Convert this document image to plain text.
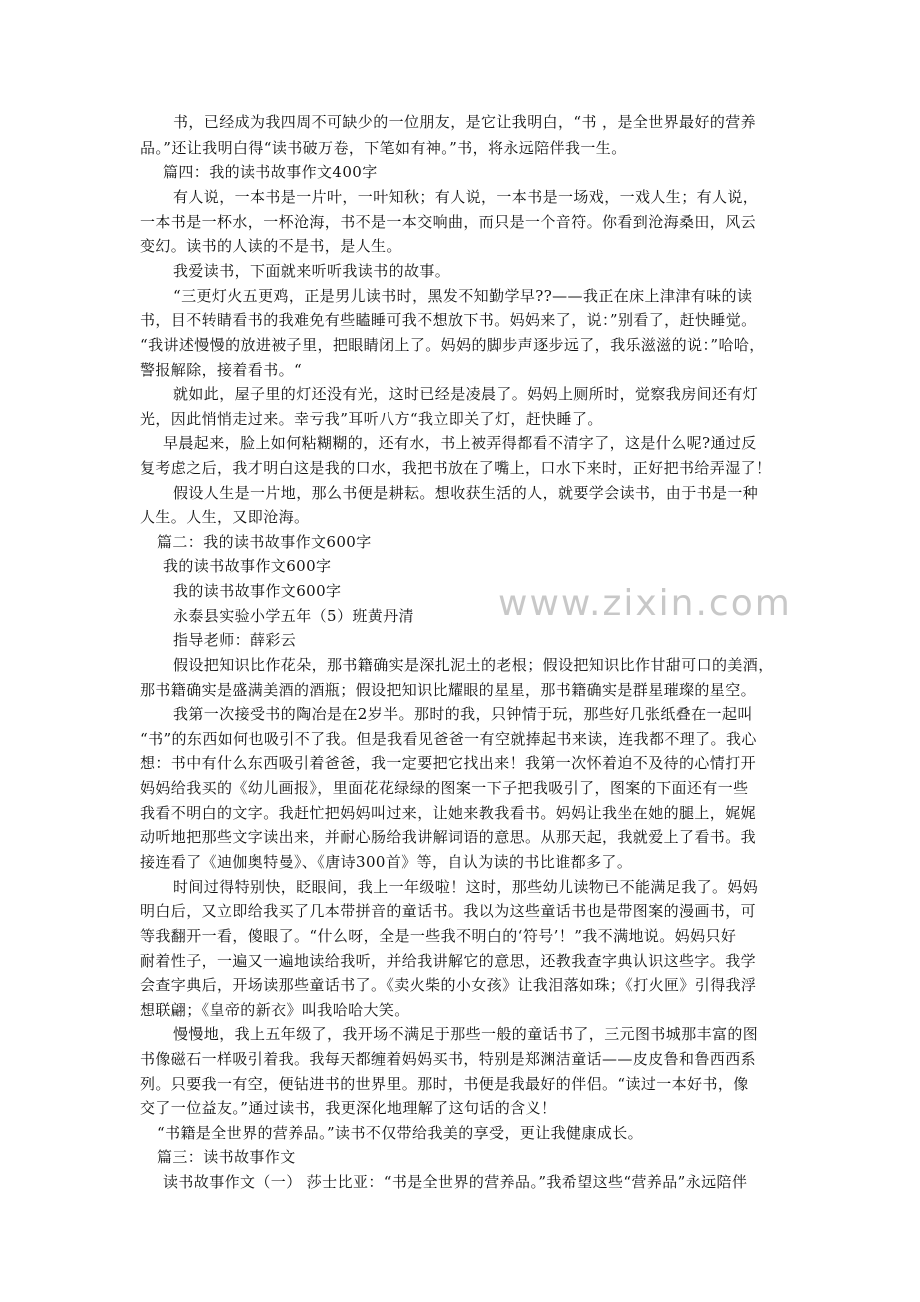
www.zixin.com
书，已经成为我四周不可缺少的一位朋友，是它让我明白，“书 ，是全世界最好的营养
品。”还让我明白得“读书破万卷，下笔如有神。”书，将永远陪伴我一生。
篇四：我的读书故事作文400字
有人说，一本书是一片叶，一叶知秋；有人说，一本书是一场戏，一戏人生；有人说，
一本书是一杯水，一杯沧海，书不是一本交响曲，而只是一个音符。你看到沧海桑田，风云
变幻。读书的人读的不是书，是人生。
我爱读书，下面就来听听我读书的故事。
“三更灯火五更鸡，正是男儿读书时，黑发不知勤学早??——我正在床上津津有味的读
书，目不转睛看书的我难免有些瞌睡可我不想放下书。妈妈来了，说：”别看了，赶快睡觉。
“我讲述慢慢的放进被子里，把眼睛闭上了。妈妈的脚步声逐步远了，我乐滋滋的说：”哈哈，
警报解除，接着看书。“
就如此，屋子里的灯还没有光，这时已经是凌晨了。妈妈上厕所时，觉察我房间还有灯
光，因此悄悄走过来。幸亏我”耳听八方“我立即关了灯，赶快睡了。
早晨起来，脸上如何粘糊糊的，还有水，书上被弄得都看不清字了，这是什么呢?通过反
复考虑之后，我才明白这是我的口水，我把书放在了嘴上，口水下来时，正好把书给弄湿了！
假设人生是一片地，那么书便是耕耘。想收获生活的人，就要学会读书，由于书是一种
人生。人生，又即沧海。
篇二：我的读书故事作文600字
我的读书故事作文600字
我的读书故事作文600字
永泰县实验小学五年（5）班黄丹清
指导老师：薛彩云
假设把知识比作花朵，那书籍确实是深扎泥土的老根；假设把知识比作甘甜可口的美酒，
那书籍确实是盛满美酒的酒瓶；假设把知识比耀眼的星星，那书籍确实是群星璀璨的星空。
我第一次接受书的陶冶是在2岁半。那时的我，只钟情于玩，那些好几张纸叠在一起叫
“书”的东西如何也吸引不了我。但是我看见爸爸一有空就捧起书来读，连我都不理了。我心
想：书中有什么东西吸引着爸爸，我一定要把它找出来！我第一次怀着迫不及待的心情打开
妈妈给我买的《幼儿画报》，里面花花绿绿的图案一下子把我吸引了，图案的下面还有一些
我看不明白的文字。我赶忙把妈妈叫过来，让她来教我看书。妈妈让我坐在她的腿上，娓娓
动听地把那些文字读出来，并耐心肠给我讲解词语的意思。从那天起，我就爱上了看书。我
接连看了《迪伽奥特曼》、《唐诗300首》等，自认为读的书比谁都多了。
时间过得特别快，眨眼间，我上一年级啦！这时，那些幼儿读物已不能满足我了。妈妈
明白后，又立即给我买了几本带拼音的童话书。我以为这些童话书也是带图案的漫画书，可
等我翻开一看，傻眼了。“什么呀，全是一些我不明白的‘符号’！”我不满地说。妈妈只好
耐着性子，一遍又一遍地读给我听，并给我讲解它的意思，还教我查字典认识这些字。我学
会查字典后，开场读那些童话书了。《卖火柴的小女孩》让我泪落如珠；《打火匣》引得我浮
想联翩；《皇帝的新衣》叫我哈哈大笑。
慢慢地，我上五年级了，我开场不满足于那些一般的童话书了，三元图书城那丰富的图
书像磁石一样吸引着我。我每天都缠着妈妈买书，特别是郑渊洁童话——皮皮鲁和鲁西西系
列。只要我一有空，便钻进书的世界里。那时，书便是我最好的伴侣。“读过一本好书，像
交了一位益友。”通过读书，我更深化地理解了这句话的含义！
“书籍是全世界的营养品。”读书不仅带给我美的享受，更让我健康成长。
篇三：读书故事作文
读书故事作文（一） 莎士比亚：“书是全世界的营养品。”我希望这些“营养品”永远陪伴
